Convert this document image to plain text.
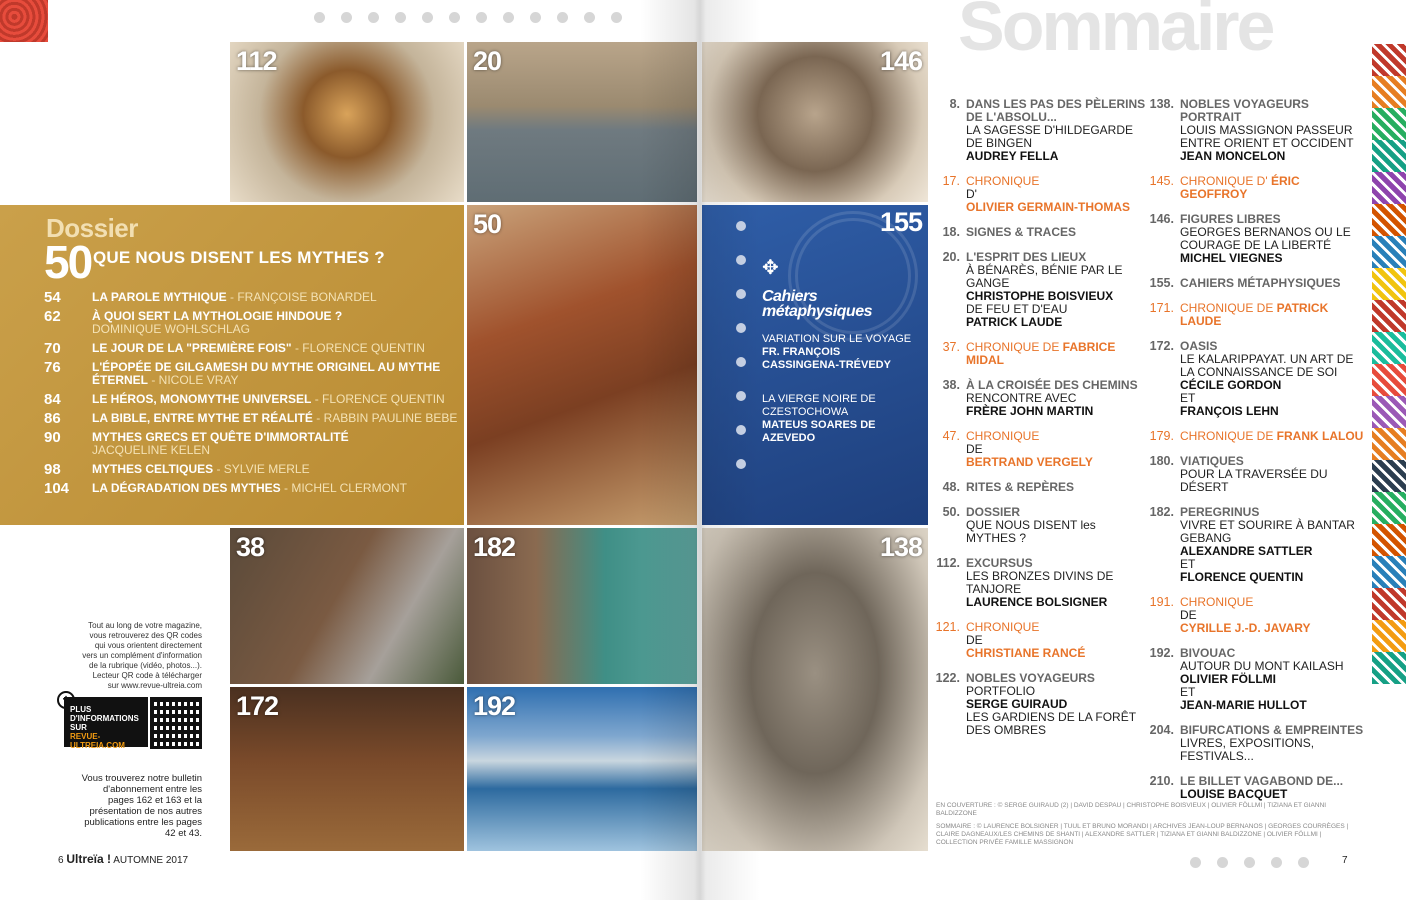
112	20
50
38	182
172	192
Dossier
50 QUE NOUS DISENT LES MYTHES ?
54	LA PAROLE MYTHIQUE - FRANÇOISE BONARDEL
62	À QUOI SERT LA MYTHOLOGIE HINDOUE ?
DOMINIQUE WOHLSCHLAG
70	LE JOUR DE LA "PREMIÈRE FOIS" - FLORENCE QUENTIN
76	L'ÉPOPÉE DE GILGAMESH DU MYTHE ORIGINEL AU MYTHE ÉTERNEL - NICOLE VRAY
84	LE HÉROS, MONOMYTHE UNIVERSEL - FLORENCE QUENTIN
86	LA BIBLE, ENTRE MYTHE ET RÉALITÉ - RABBIN PAULINE BEBE
90	MYTHES GRECS ET QUÊTE D'IMMORTALITÉ
JACQUELINE KELEN
98	MYTHES CELTIQUES - SYLVIE MERLE
104	LA DÉGRADATION DES MYTHES - MICHEL CLERMONT
Tout au long de votre magazine, vous retrouverez des QR codes qui vous orientent directement vers un complément d'information de la rubrique (vidéo, photos...). Lecteur QR code à télécharger sur www.revue-ultreia.com
PLUS D'INFORMATIONS SUR
REVUE-ULTREIA.COM
Vous trouverez notre bulletin d'abonnement entre les pages 162 et 163 et la présentation de nos autres publications entre les pages 42 et 43.
6 Ultreïa ! AUTOMNE 2017
Sommaire
146
138
155
✥
Cahiers
métaphysiques
VARIATION SUR LE VOYAGE
FR. FRANÇOIS CASSINGENA-TRÉVEDY
LA VIERGE NOIRE DE CZESTOCHOWA
MATEUS SOARES DE AZEVEDO
8. DANS LES PAS DES PÈLERINS DE L'ABSOLU...
LA SAGESSE D'HILDEGARDE DE BINGEN
AUDREY FELLA
17. CHRONIQUE
D'
OLIVIER GERMAIN-THOMAS
18. SIGNES & TRACES
20. L'ESPRIT DES LIEUX
À BÉNARÈS, BÉNIE PAR LE GANGE
CHRISTOPHE BOISVIEUX
DE FEU ET D'EAU
PATRICK LAUDE
37. CHRONIQUE DE FABRICE MIDAL
38. À LA CROISÉE DES CHEMINS
RENCONTRE AVEC
FRÈRE JOHN MARTIN
47. CHRONIQUE
DE
BERTRAND VERGELY
48. RITES & REPÈRES
50. DOSSIER
QUE NOUS DISENT les MYTHES ?
112. EXCURSUS
LES BRONZES DIVINS DE TANJORE
LAURENCE BOLSIGNER
121. CHRONIQUE
DE
CHRISTIANE RANCÉ
122. NOBLES VOYAGEURS
PORTFOLIO
SERGE GUIRAUD
LES GARDIENS DE LA FORÊT DES OMBRES
138. NOBLES VOYAGEURS PORTRAIT
LOUIS MASSIGNON PASSEUR ENTRE ORIENT ET OCCIDENT
JEAN MONCELON
145. CHRONIQUE D' ÉRIC GEOFFROY
146. FIGURES LIBRES
GEORGES BERNANOS OU LE COURAGE DE LA LIBERTÉ
MICHEL VIEGNES
155. CAHIERS MÉTAPHYSIQUES
171. CHRONIQUE DE PATRICK LAUDE
172. OASIS
LE KALARIPPAYAT. UN ART DE LA CONNAISSANCE DE SOI
CÉCILE GORDON
ET
FRANÇOIS LEHN
179. CHRONIQUE DE FRANK LALOU
180. VIATIQUES
POUR LA TRAVERSÉE DU DÉSERT
182. PEREGRINUS
VIVRE ET SOURIRE À BANTAR GEBANG
ALEXANDRE SATTLER
ET
FLORENCE QUENTIN
191. CHRONIQUE
DE
CYRILLE J.-D. JAVARY
192. BIVOUAC
AUTOUR DU MONT KAILASH
OLIVIER FÖLLMI
ET
JEAN-MARIE HULLOT
204. BIFURCATIONS & EMPREINTES
LIVRES, EXPOSITIONS, FESTIVALS...
210. LE BILLET VAGABOND DE...
LOUISE BACQUET
EN COUVERTURE : © SERGE GUIRAUD (2) | DAVID DESPAU | CHRISTOPHE BOISVIEUX | OLIVIER FÖLLMI | TIZIANA ET GIANNI BALDIZZONE
SOMMAIRE : © LAURENCE BOLSIGNER | TUUL ET BRUNO MORANDI | ARCHIVES JEAN-LOUP BERNANOS | GEORGES COURRÈGES | CLAIRE DAGNEAUX/LES CHEMINS DE SHANTI | ALEXANDRE SATTLER | TIZIANA ET GIANNI BALDIZZONE | OLIVIER FÖLLMI | COLLECTION PRIVÉE FAMILLE MASSIGNON
7
